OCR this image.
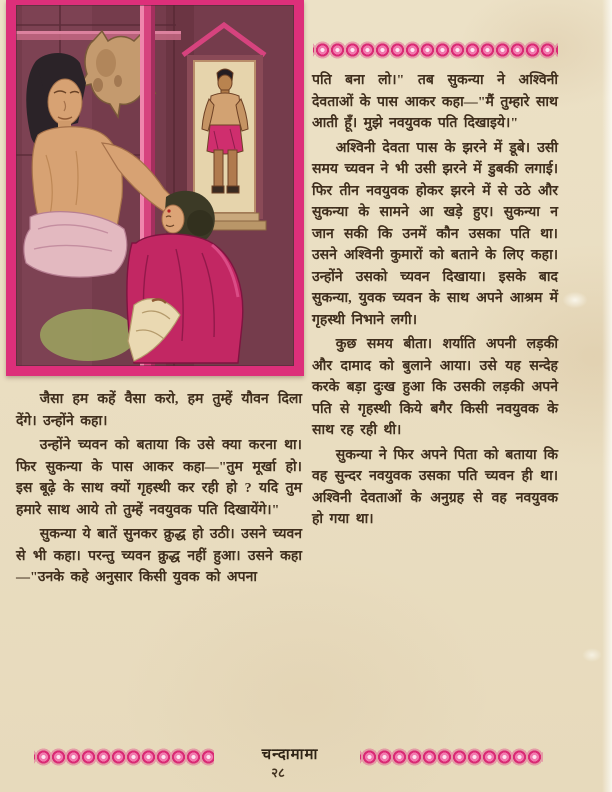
पति बना लो।" तब सुकन्या ने अश्विनी देवताओं के पास आकर कहा—"मैं तुम्हारे साथ आती हूँ। मुझे नवयुवक पति दिखाइये।"

अश्विनी देवता पास के झरने में डूबे। उसी समय च्यवन ने भी उसी झरने में डुबकी लगाई। फिर तीन नवयुवक होकर झरने में से उठे और सुकन्या के सामने आ खड़े हुए। सुकन्या न जान सकी कि उनमें कौन उसका पति था। उसने अश्विनी कुमारों को बताने के लिए कहा। उन्होंने उसको च्यवन दिखाया। इसके बाद सुकन्या, युवक च्यवन के साथ अपने आश्रम में गृहस्थी निभाने लगी।

कुछ समय बीता। शर्याति अपनी लड़की और दामाद को बुलाने आया। उसे यह सन्देह करके बड़ा दुःख हुआ कि उसकी लड़की अपने पति से गृहस्थी किये बगैर किसी नवयुवक के साथ रह रही थी।

सुकन्या ने फिर अपने पिता को बताया कि वह सुन्दर नवयुवक उसका पति च्यवन ही था। अश्विनी देवताओं के अनुग्रह से वह नवयुवक हो गया था।

जैसा हम कहें वैसा करो, हम तुम्हें यौवन दिला देंगे। उन्होंने कहा।

उन्होंने च्यवन को बताया कि उसे क्या करना था। फिर सुकन्या के पास आकर कहा—"तुम मूर्खा हो। इस बूढ़े के साथ क्यों गृहस्थी कर रही हो ? यदि तुम हमारे साथ आये तो तुम्हें नवयुवक पति दिखायेंगे।"

सुकन्या ये बातें सुनकर क्रुद्ध हो उठी। उसने च्यवन से भी कहा। परन्तु च्यवन क्रुद्ध नहीं हुआ। उसने कहा—"उनके कहे अनुसार किसी युवक को अपना

चन्दामामा
२८
